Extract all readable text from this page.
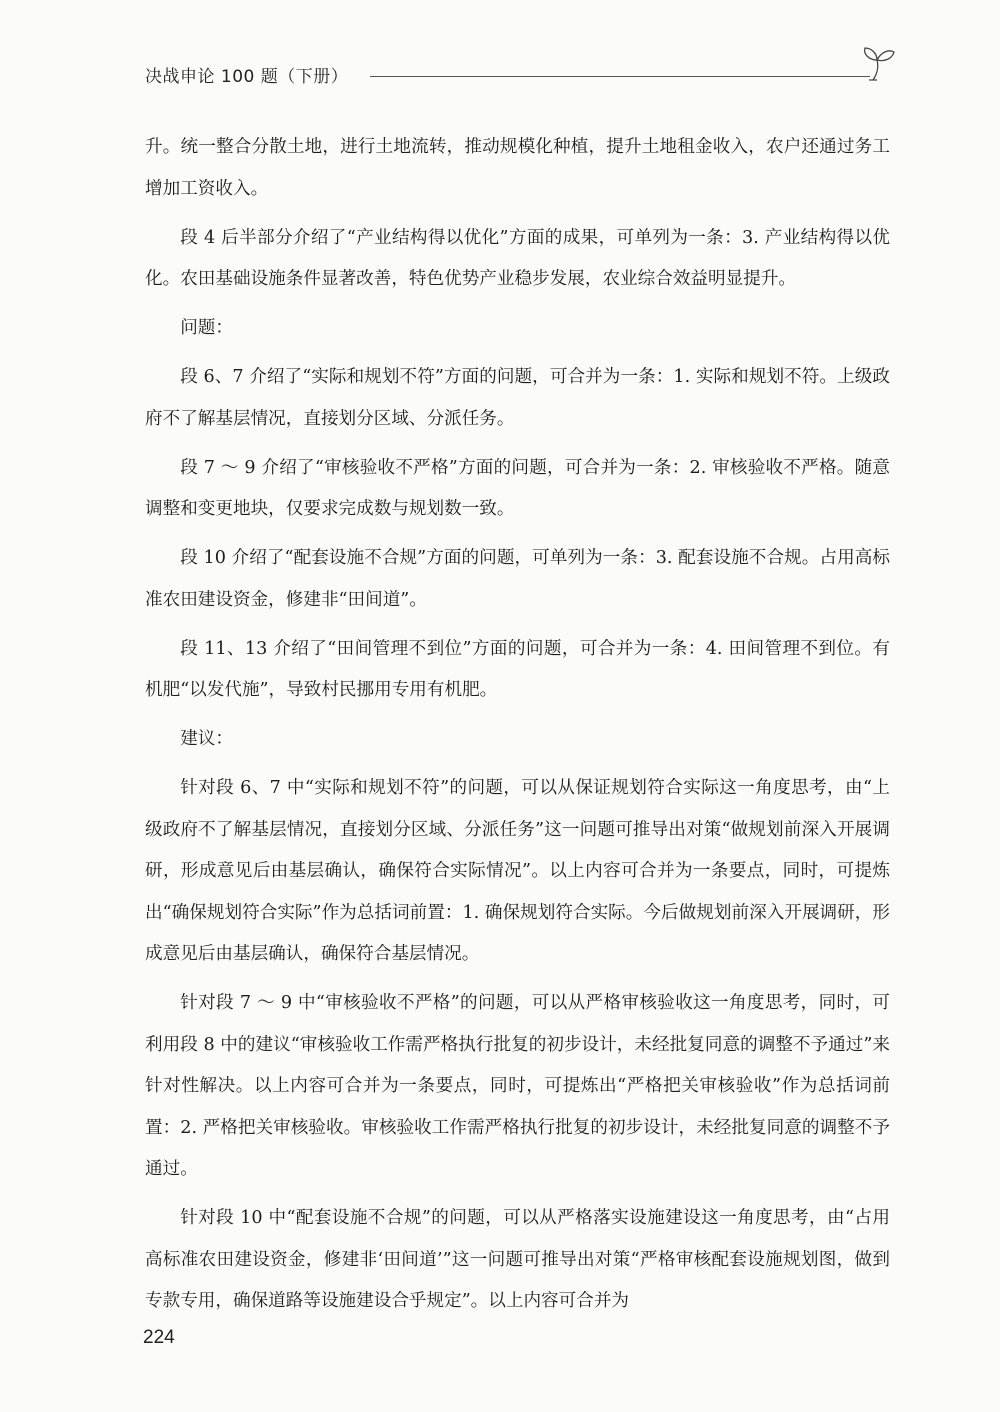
决战申论 100 题（下册）

升。统一整合分散土地，进行土地流转，推动规模化种植，提升土地租金收入，农户还通过务工增加工资收入。

段 4 后半部分介绍了“产业结构得以优化”方面的成果，可单列为一条：3. 产业结构得以优化。农田基础设施条件显著改善，特色优势产业稳步发展，农业综合效益明显提升。

问题：

段 6、7 介绍了“实际和规划不符”方面的问题，可合并为一条：1. 实际和规划不符。上级政府不了解基层情况，直接划分区域、分派任务。

段 7 ～ 9 介绍了“审核验收不严格”方面的问题，可合并为一条：2. 审核验收不严格。随意调整和变更地块，仅要求完成数与规划数一致。

段 10 介绍了“配套设施不合规”方面的问题，可单列为一条：3. 配套设施不合规。占用高标准农田建设资金，修建非“田间道”。

段 11、13 介绍了“田间管理不到位”方面的问题，可合并为一条：4. 田间管理不到位。有机肥“以发代施”，导致村民挪用专用有机肥。

建议：

针对段 6、7 中“实际和规划不符”的问题，可以从保证规划符合实际这一角度思考，由“上级政府不了解基层情况，直接划分区域、分派任务”这一问题可推导出对策“做规划前深入开展调研，形成意见后由基层确认，确保符合实际情况”。以上内容可合并为一条要点，同时，可提炼出“确保规划符合实际”作为总括词前置：1. 确保规划符合实际。今后做规划前深入开展调研，形成意见后由基层确认，确保符合基层情况。

针对段 7 ～ 9 中“审核验收不严格”的问题，可以从严格审核验收这一角度思考，同时，可利用段 8 中的建议“审核验收工作需严格执行批复的初步设计，未经批复同意的调整不予通过”来针对性解决。以上内容可合并为一条要点，同时，可提炼出“严格把关审核验收”作为总括词前置：2. 严格把关审核验收。审核验收工作需严格执行批复的初步设计，未经批复同意的调整不予通过。

针对段 10 中“配套设施不合规”的问题，可以从严格落实设施建设这一角度思考，由“占用高标准农田建设资金，修建非‘田间道’”这一问题可推导出对策“严格审核配套设施规划图，做到专款专用，确保道路等设施建设合乎规定”。以上内容可合并为

224
